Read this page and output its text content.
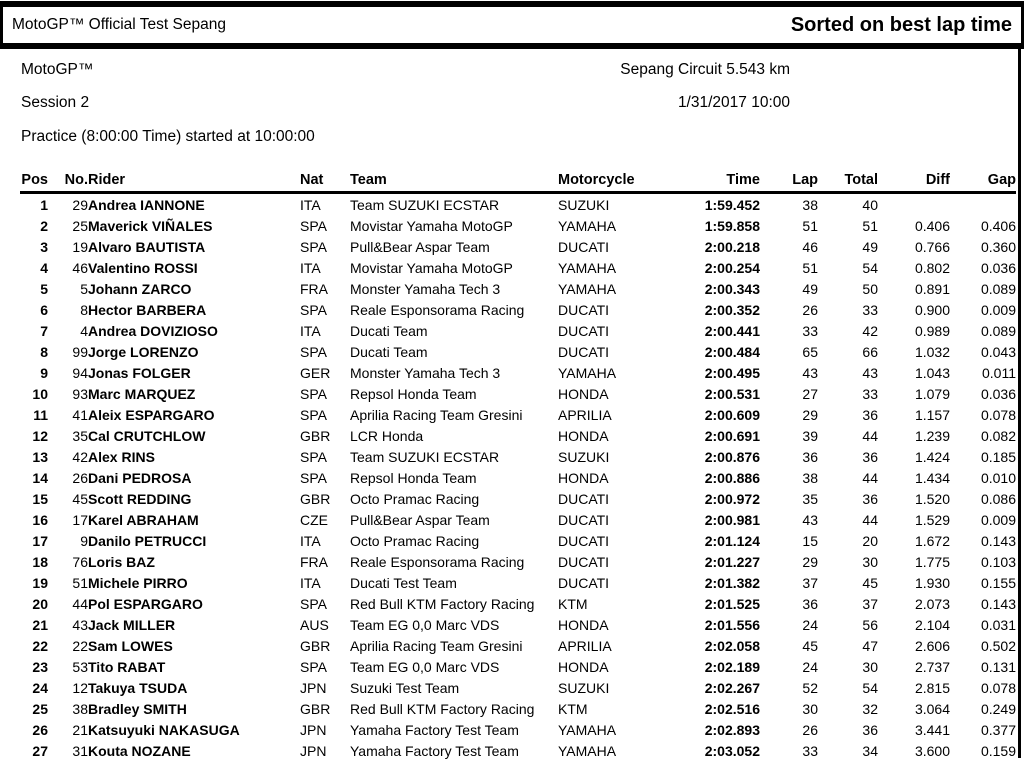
MotoGP™ Official Test Sepang	Sorted on best lap time
MotoGP™	Sepang Circuit 5.543 km
Session 2	1/31/2017 10:00
Practice (8:00:00 Time) started at 10:00:00
Pos	No.	Rider	Nat	Team	Motorcycle	Time	Lap	Total	Diff	Gap
1	29	Andrea IANNONE	ITA	Team SUZUKI ECSTAR	SUZUKI	1:59.452	38	40		
2	25	Maverick VIÑALES	SPA	Movistar Yamaha MotoGP	YAMAHA	1:59.858	51	51	0.406	0.406
3	19	Alvaro BAUTISTA	SPA	Pull&Bear Aspar Team	DUCATI	2:00.218	46	49	0.766	0.360
4	46	Valentino ROSSI	ITA	Movistar Yamaha MotoGP	YAMAHA	2:00.254	51	54	0.802	0.036
5	5	Johann ZARCO	FRA	Monster Yamaha Tech 3	YAMAHA	2:00.343	49	50	0.891	0.089
6	8	Hector BARBERA	SPA	Reale Esponsorama Racing	DUCATI	2:00.352	26	33	0.900	0.009
7	4	Andrea DOVIZIOSO	ITA	Ducati Team	DUCATI	2:00.441	33	42	0.989	0.089
8	99	Jorge LORENZO	SPA	Ducati Team	DUCATI	2:00.484	65	66	1.032	0.043
9	94	Jonas FOLGER	GER	Monster Yamaha Tech 3	YAMAHA	2:00.495	43	43	1.043	0.011
10	93	Marc MARQUEZ	SPA	Repsol Honda Team	HONDA	2:00.531	27	33	1.079	0.036
11	41	Aleix ESPARGARO	SPA	Aprilia Racing Team Gresini	APRILIA	2:00.609	29	36	1.157	0.078
12	35	Cal CRUTCHLOW	GBR	LCR Honda	HONDA	2:00.691	39	44	1.239	0.082
13	42	Alex RINS	SPA	Team SUZUKI ECSTAR	SUZUKI	2:00.876	36	36	1.424	0.185
14	26	Dani PEDROSA	SPA	Repsol Honda Team	HONDA	2:00.886	38	44	1.434	0.010
15	45	Scott REDDING	GBR	Octo Pramac Racing	DUCATI	2:00.972	35	36	1.520	0.086
16	17	Karel ABRAHAM	CZE	Pull&Bear Aspar Team	DUCATI	2:00.981	43	44	1.529	0.009
17	9	Danilo PETRUCCI	ITA	Octo Pramac Racing	DUCATI	2:01.124	15	20	1.672	0.143
18	76	Loris BAZ	FRA	Reale Esponsorama Racing	DUCATI	2:01.227	29	30	1.775	0.103
19	51	Michele PIRRO	ITA	Ducati Test Team	DUCATI	2:01.382	37	45	1.930	0.155
20	44	Pol ESPARGARO	SPA	Red Bull KTM Factory Racing	KTM	2:01.525	36	37	2.073	0.143
21	43	Jack MILLER	AUS	Team EG 0,0 Marc VDS	HONDA	2:01.556	24	56	2.104	0.031
22	22	Sam LOWES	GBR	Aprilia Racing Team Gresini	APRILIA	2:02.058	45	47	2.606	0.502
23	53	Tito RABAT	SPA	Team EG 0,0 Marc VDS	HONDA	2:02.189	24	30	2.737	0.131
24	12	Takuya TSUDA	JPN	Suzuki Test Team	SUZUKI	2:02.267	52	54	2.815	0.078
25	38	Bradley SMITH	GBR	Red Bull KTM Factory Racing	KTM	2:02.516	30	32	3.064	0.249
26	21	Katsuyuki NAKASUGA	JPN	Yamaha Factory Test Team	YAMAHA	2:02.893	26	36	3.441	0.377
27	31	Kouta NOZANE	JPN	Yamaha Factory Test Team	YAMAHA	2:03.052	33	34	3.600	0.159
